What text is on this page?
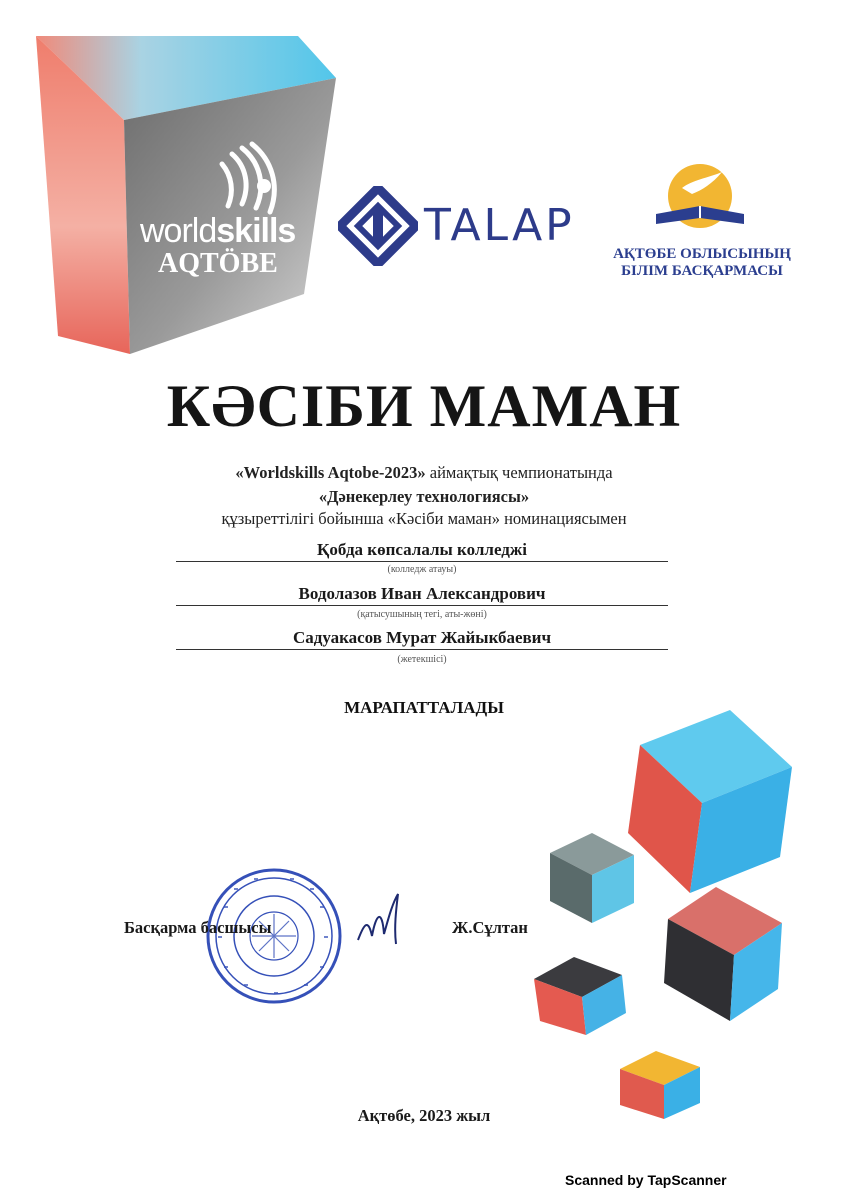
worldskills
AQTÖBE
TALAP
АҚТӨБЕ ОБЛЫСЫНЫҢ
БІЛІМ БАСҚАРМАСЫ
КӘСІБИ МАМАН
«Worldskills Aqtobe-2023» аймақтық чемпионатында
«Дәнекерлеу технологиясы»
құзыреттілігі бойынша «Кәсіби маман» номинациясымен
Қобда көпсалалы колледжі
(колледж атауы)
Водолазов Иван Александрович
(қатысушының тегі, аты-жөні)
Садуакасов Мурат Жайыкбаевич
(жетекшісі)
МАРАПАТТАЛАДЫ
Басқарма басшысы	Ж.Сұлтан
Ақтөбе, 2023 жыл
Scanned by TapScanner
